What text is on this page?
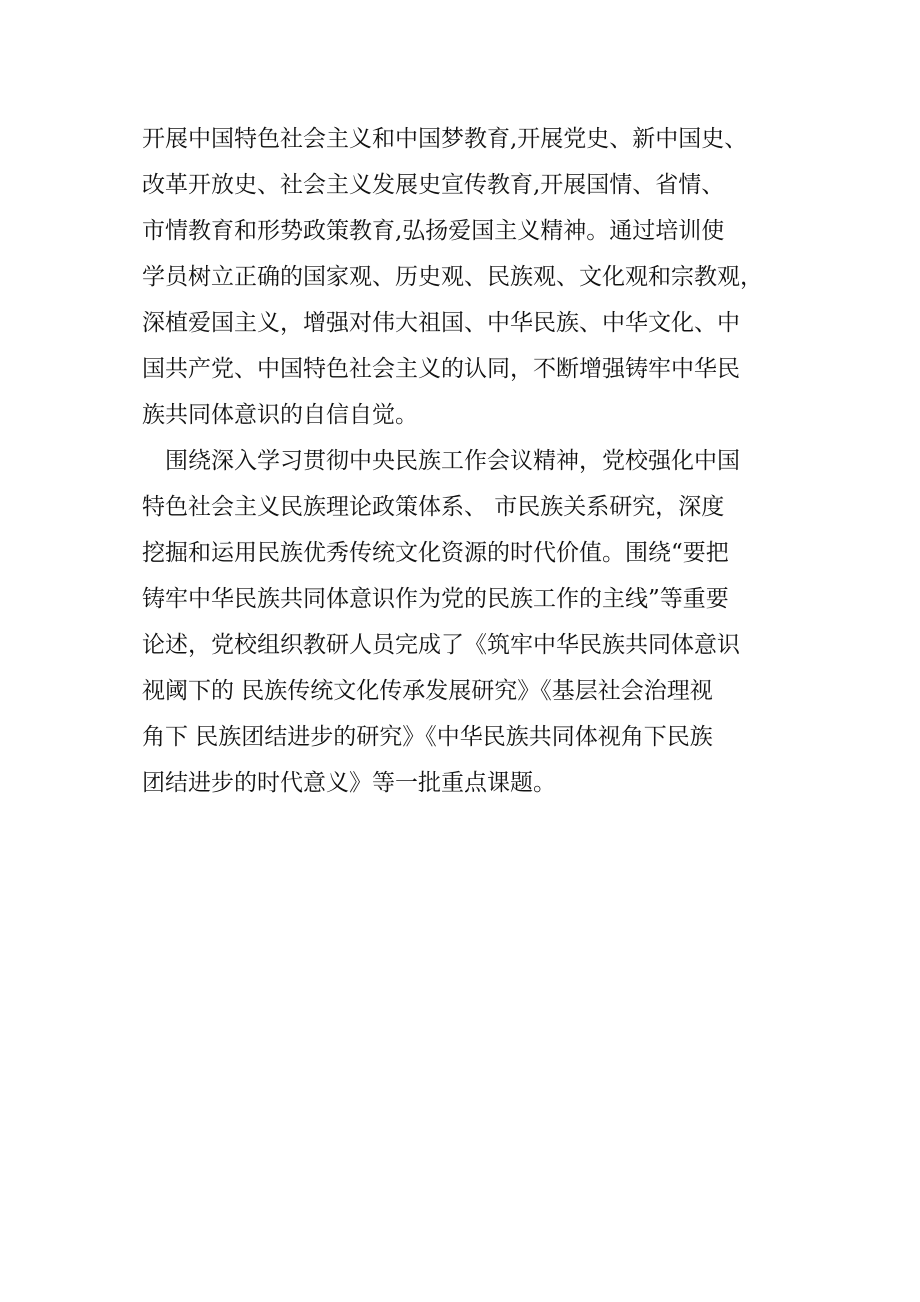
开展中国特色社会主义和中国梦教育,开展党史、新中国史、
改革开放史、社会主义发展史宣传教育,开展国情、省情、
市情教育和形势政策教育,弘扬爱国主义精神。通过培训使
学员树立正确的国家观、历史观、民族观、文化观和宗教观，
深植爱国主义，增强对伟大祖国、中华民族、中华文化、中
国共产党、中国特色社会主义的认同，不断增强铸牢中华民
族共同体意识的自信自觉。
　围绕深入学习贯彻中央民族工作会议精神，党校强化中国
特色社会主义民族理论政策体系、 市民族关系研究，深度
挖掘和运用民族优秀传统文化资源的时代价值。围绕“要把
铸牢中华民族共同体意识作为党的民族工作的主线”等重要
论述，党校组织教研人员完成了《筑牢中华民族共同体意识
视阈下的 民族传统文化传承发展研究》《基层社会治理视
角下 民族团结进步的研究》《中华民族共同体视角下民族
团结进步的时代意义》等一批重点课题。
